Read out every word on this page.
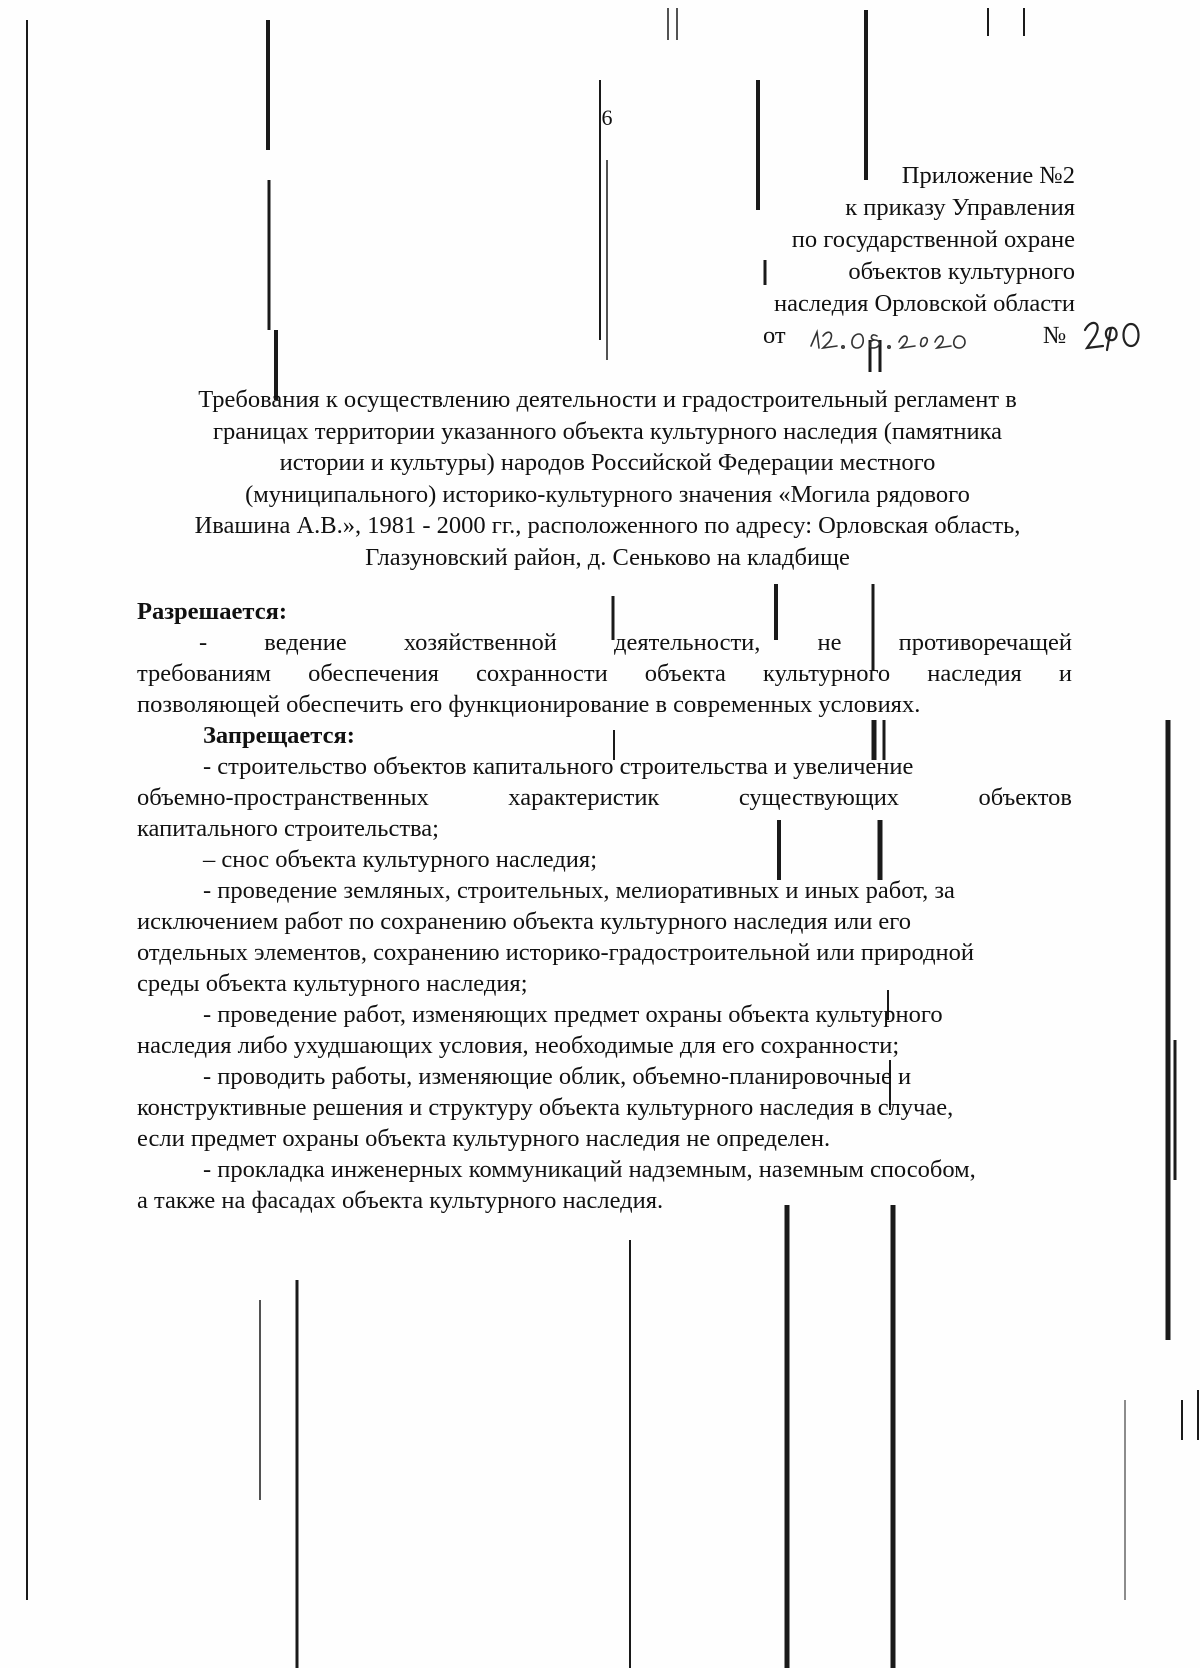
6
Приложение №2
к приказу Управления
по государственной охране
объектов культурного
наследия Орловской области
от	№
Требования к осуществлению деятельности и градостроительный регламент в
границах территории указанного объекта культурного наследия (памятника
истории и культуры) народов Российской Федерации местного
(муниципального) историко-культурного значения «Могила рядового
Ивашина А.В.», 1981 - 2000 гг., расположенного по адресу: Орловская область,
Глазуновский район, д. Сеньково на кладбище
Разрешается:
- ведение хозяйственной деятельности, не противоречащей
требованиям обеспечения сохранности объекта культурного наследия и
позволяющей обеспечить его функционирование в современных условиях.
Запрещается:
- строительство объектов капитального строительства и увеличение
объемно-пространственных	характеристик	существующих	объектов
капитального строительства;
– снос объекта культурного наследия;
- проведение земляных, строительных, мелиоративных и иных работ, за
исключением работ по сохранению объекта культурного наследия или его
отдельных элементов, сохранению историко-градостроительной или природной
среды объекта культурного наследия;
- проведение работ, изменяющих предмет охраны объекта культурного
наследия либо ухудшающих условия, необходимые для его сохранности;
- проводить работы, изменяющие облик, объемно-планировочные и
конструктивные решения и структуру объекта культурного наследия в случае,
если предмет охраны объекта культурного наследия не определен.
- прокладка инженерных коммуникаций надземным, наземным способом,
а также на фасадах объекта культурного наследия.
